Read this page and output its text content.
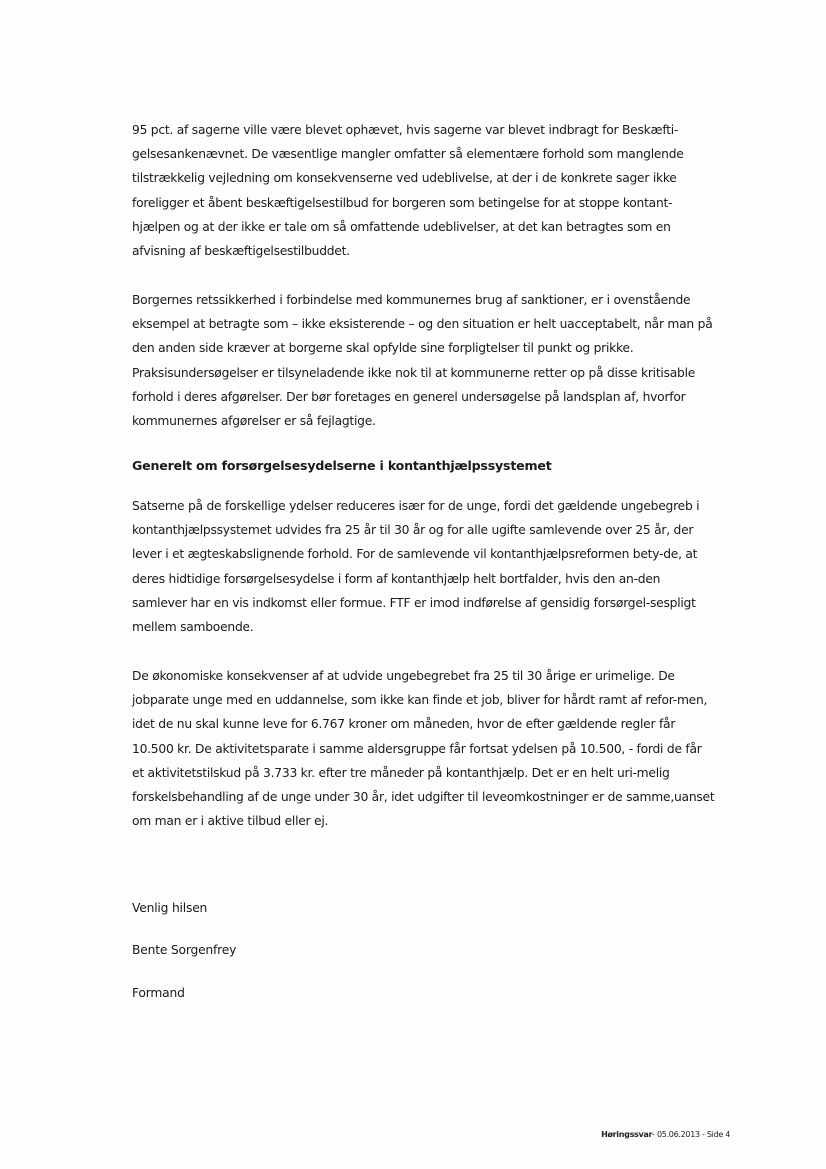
95 pct. af sagerne ville være blevet ophævet, hvis sagerne var blevet indbragt for Beskæfti-gelsesankenævnet. De væsentlige mangler omfatter så elementære forhold som manglende tilstrækkelig vejledning om konsekvenserne ved udeblivelse, at der i de konkrete sager ikke foreligger et åbent beskæftigelsestilbud for borgeren som betingelse for at stoppe kontant-hjælpen og at der ikke er tale om så omfattende udeblivelser, at det kan betragtes som en afvisning af beskæftigelsestilbuddet.

Borgernes retssikkerhed i forbindelse med kommunernes brug af sanktioner, er i ovenstående eksempel at betragte som – ikke eksisterende – og den situation er helt uacceptabelt, når man på den anden side kræver at borgerne skal opfylde sine forpligtelser til punkt og prikke. Praksisundersøgelser er tilsyneladende ikke nok til at kommunerne retter op på disse kritisable forhold i deres afgørelser. Der bør foretages en generel undersøgelse på landsplan af, hvorfor kommunernes afgørelser er så fejlagtige.

Generelt om forsørgelsesydelserne i kontanthjælpssystemet

Satserne på de forskellige ydelser reduceres især for de unge, fordi det gældende ungebegreb i kontanthjælpssystemet udvides fra 25 år til 30 år og for alle ugifte samlevende over 25 år, der lever i et ægteskabslignende forhold. For de samlevende vil kontanthjælpsreformen bety-de, at deres hidtidige forsørgelsesydelse i form af kontanthjælp helt bortfalder, hvis den an-den samlever har en vis indkomst eller formue. FTF er imod indførelse af gensidig forsørgel-sespligt mellem samboende.

De økonomiske konsekvenser af at udvide ungebegrebet fra 25 til 30 årige er urimelige. De jobparate unge med en uddannelse, som ikke kan finde et job, bliver for hårdt ramt af refor-men, idet de nu skal kunne leve for 6.767 kroner om måneden, hvor de efter gældende regler får 10.500 kr. De aktivitetsparate i samme aldersgruppe får fortsat ydelsen på 10.500, - fordi de får et aktivitetstilskud på 3.733 kr. efter tre måneder på kontanthjælp. Det er en helt uri-melig forskelsbehandling af de unge under 30 år, idet udgifter til leveomkostninger er de samme,uanset om man er i aktive tilbud eller ej.

Venlig hilsen

Bente Sorgenfrey

Formand

Høringssvar- 05.06.2013 - Side 4
